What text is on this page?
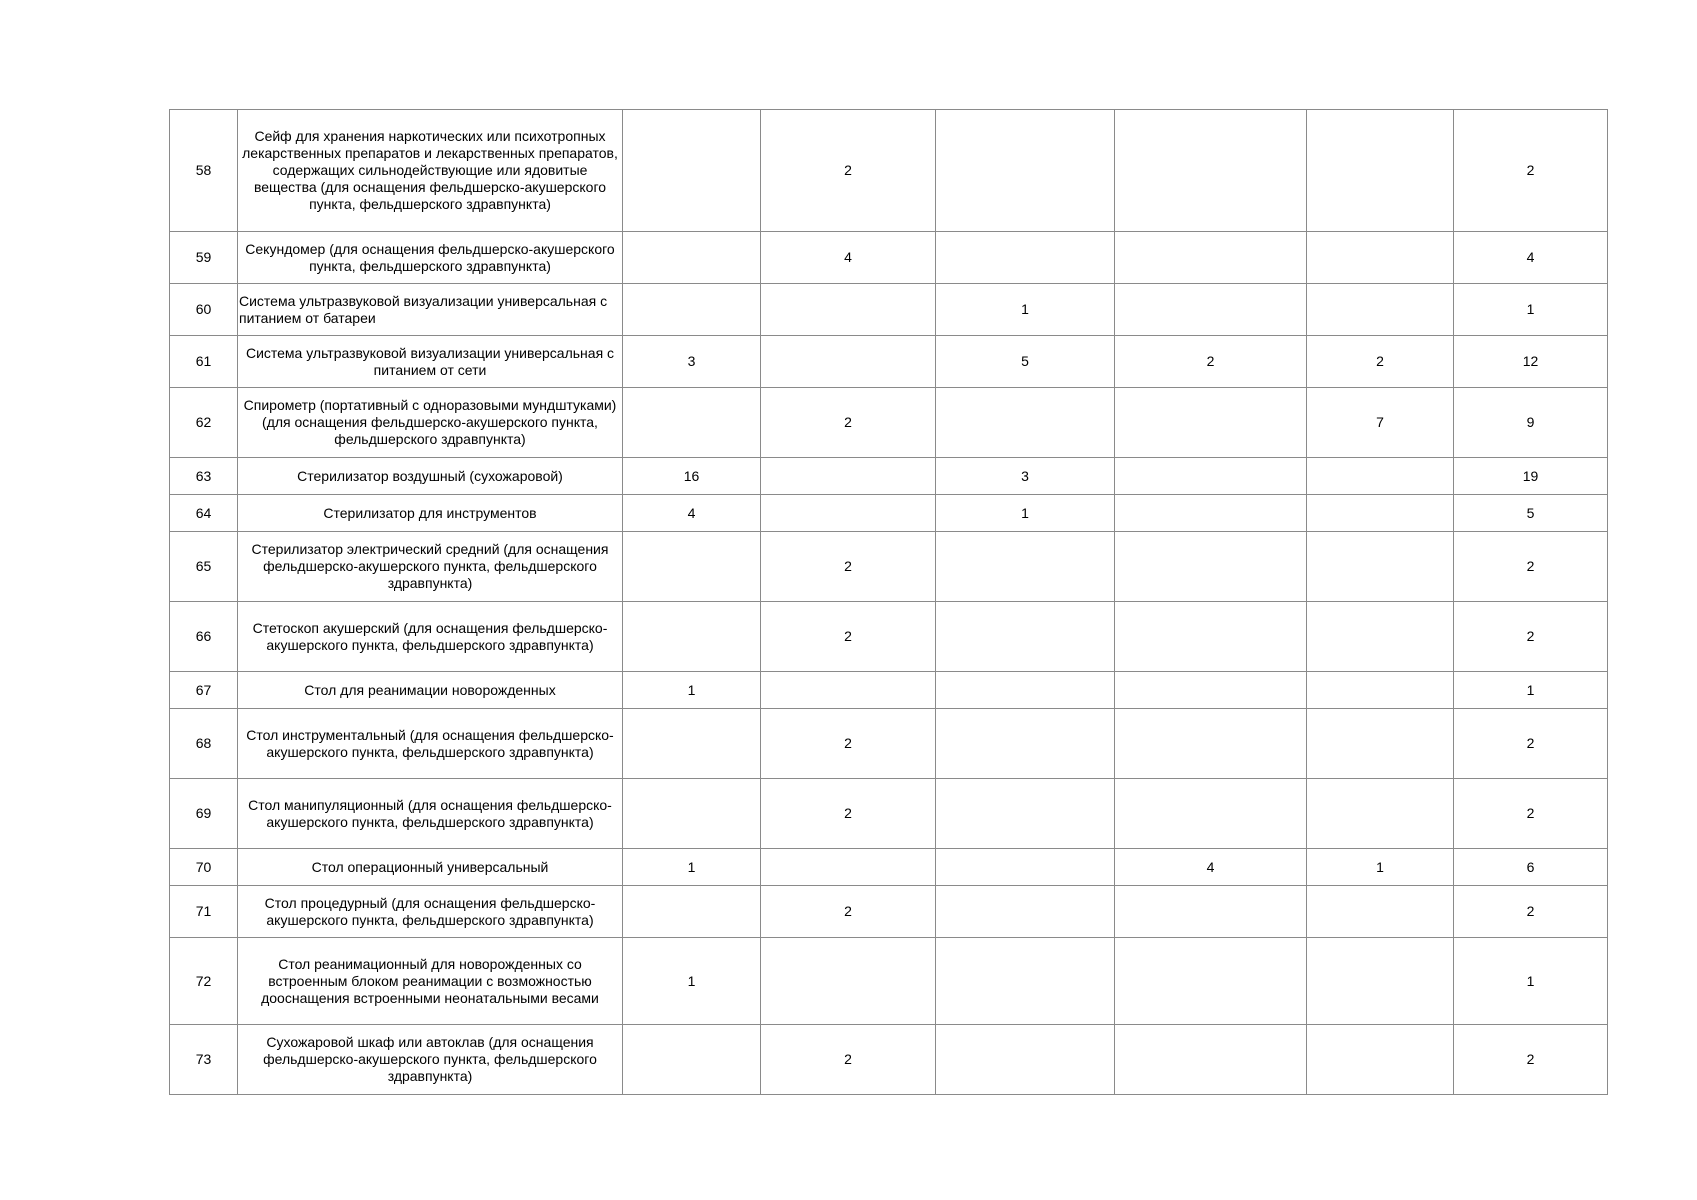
58	Сейф для хранения наркотических или психотропных лекарственных препаратов и лекарственных препаратов, содержащих сильнодействующие или ядовитые вещества (для оснащения фельдшерско-акушерского пункта, фельдшерского здравпункта)		2				2
59	Секундомер (для оснащения фельдшерско-акушерского пункта, фельдшерского здравпункта)		4				4
60	Система ультразвуковой визуализации универсальная с питанием от батареи			1			1
61	Система ультразвуковой визуализации универсальная с питанием от сети	3		5	2	2	12
62	Спирометр (портативный с одноразовыми мундштуками) (для оснащения фельдшерско-акушерского пункта, фельдшерского здравпункта)		2			7	9
63	Стерилизатор воздушный (сухожаровой)	16		3			19
64	Стерилизатор для инструментов	4		1			5
65	Стерилизатор электрический средний (для оснащения фельдшерско-акушерского пункта, фельдшерского здравпункта)		2				2
66	Стетоскоп акушерский (для оснащения фельдшерско-акушерского пункта, фельдшерского здравпункта)		2				2
67	Стол для реанимации новорожденных	1					1
68	Стол инструментальный (для оснащения фельдшерско-акушерского пункта, фельдшерского здравпункта)		2				2
69	Стол манипуляционный (для оснащения фельдшерско-акушерского пункта, фельдшерского здравпункта)		2				2
70	Стол операционный универсальный	1			4	1	6
71	Стол процедурный (для оснащения фельдшерско-акушерского пункта, фельдшерского здравпункта)		2				2
72	Стол реанимационный для новорожденных со встроенным блоком реанимации с возможностью дооснащения встроенными неонатальными весами	1					1
73	Сухожаровой шкаф или автоклав (для оснащения фельдшерско-акушерского пункта, фельдшерского здравпункта)		2				2
